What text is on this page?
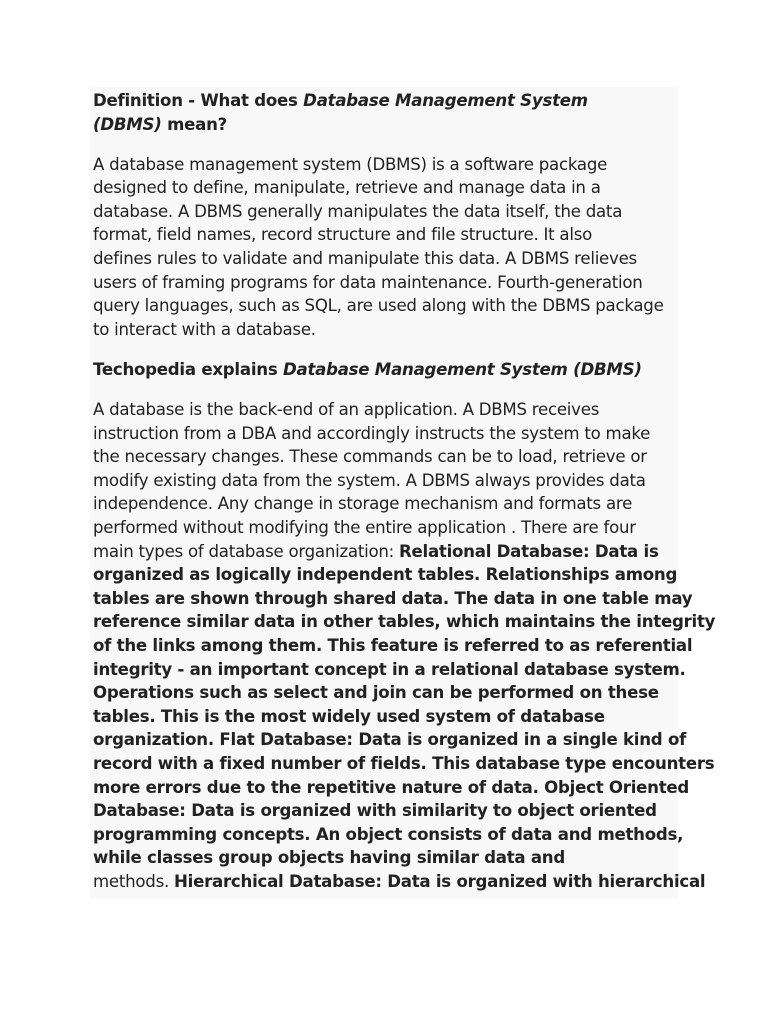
Definition - What does Database Management System
(DBMS) mean?

A database management system (DBMS) is a software package
designed to define, manipulate, retrieve and manage data in a
database. A DBMS generally manipulates the data itself, the data
format, field names, record structure and file structure. It also
defines rules to validate and manipulate this data. A DBMS relieves
users of framing programs for data maintenance. Fourth-generation
query languages, such as SQL, are used along with the DBMS package
to interact with a database.

Techopedia explains Database Management System (DBMS)

A database is the back-end of an application. A DBMS receives
instruction from a DBA and accordingly instructs the system to make
the necessary changes. These commands can be to load, retrieve or
modify existing data from the system. A DBMS always provides data
independence. Any change in storage mechanism and formats are
performed without modifying the entire application . There are four
main types of database organization: Relational Database: Data is
organized as logically independent tables. Relationships among
tables are shown through shared data. The data in one table may
reference similar data in other tables, which maintains the integrity
of the links among them. This feature is referred to as referential
integrity - an important concept in a relational database system.
Operations such as select and join can be performed on these
tables. This is the most widely used system of database
organization. Flat Database: Data is organized in a single kind of
record with a fixed number of fields. This database type encounters
more errors due to the repetitive nature of data. Object Oriented
Database: Data is organized with similarity to object oriented
programming concepts. An object consists of data and methods,
while classes group objects having similar data and
methods. Hierarchical Database: Data is organized with hierarchical
